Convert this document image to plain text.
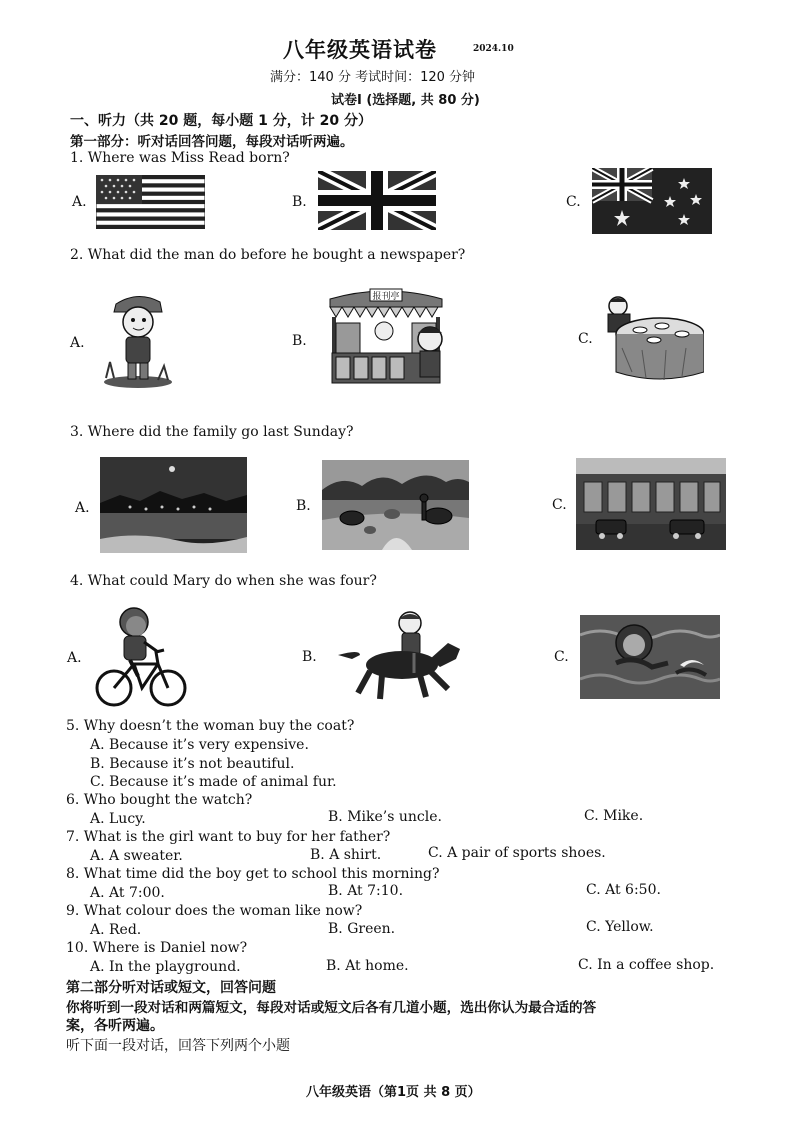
八年级英语试卷	2024.10
满分：140 分 考试时间：120 分钟
试卷I (选择题, 共 80 分)
一、听力（共 20 题，每小题 1 分，计 20 分）
第一部分：听对话回答问题，每段对话听两遍。
1. Where was Miss Read born?
A.	B.	C.
2. What did the man do before he bought a newspaper?
A.	B.	C.
报刊亭
3. Where did the family go last Sunday?
A.	B.	C.
4. What could Mary do when she was four?
A.	B.	C.
5. Why doesn’t the woman buy the coat?
A. Because it’s very expensive.
B. Because it’s not beautiful.
C. Because it’s made of animal fur.
6. Who bought the watch?
A. Lucy.	B. Mike’s uncle.	C. Mike.
7. What is the girl want to buy for her father?
A. A sweater.	B. A shirt.	C. A pair of sports shoes.
8. What time did the boy get to school this morning?
A. At 7:00.	B. At 7:10.	C. At 6:50.
9. What colour does the woman like now?
A. Red.	B. Green.	C. Yellow.
10. Where is Daniel now?
A. In the playground.	B. At home.	C. In a coffee shop.
第二部分听对话或短文，回答问题
你将听到一段对话和两篇短文，每段对话或短文后各有几道小题，选出你认为最合适的答
案，各听两遍。
听下面一段对话，回答下列两个小题
八年级英语（第1页 共 8 页）
